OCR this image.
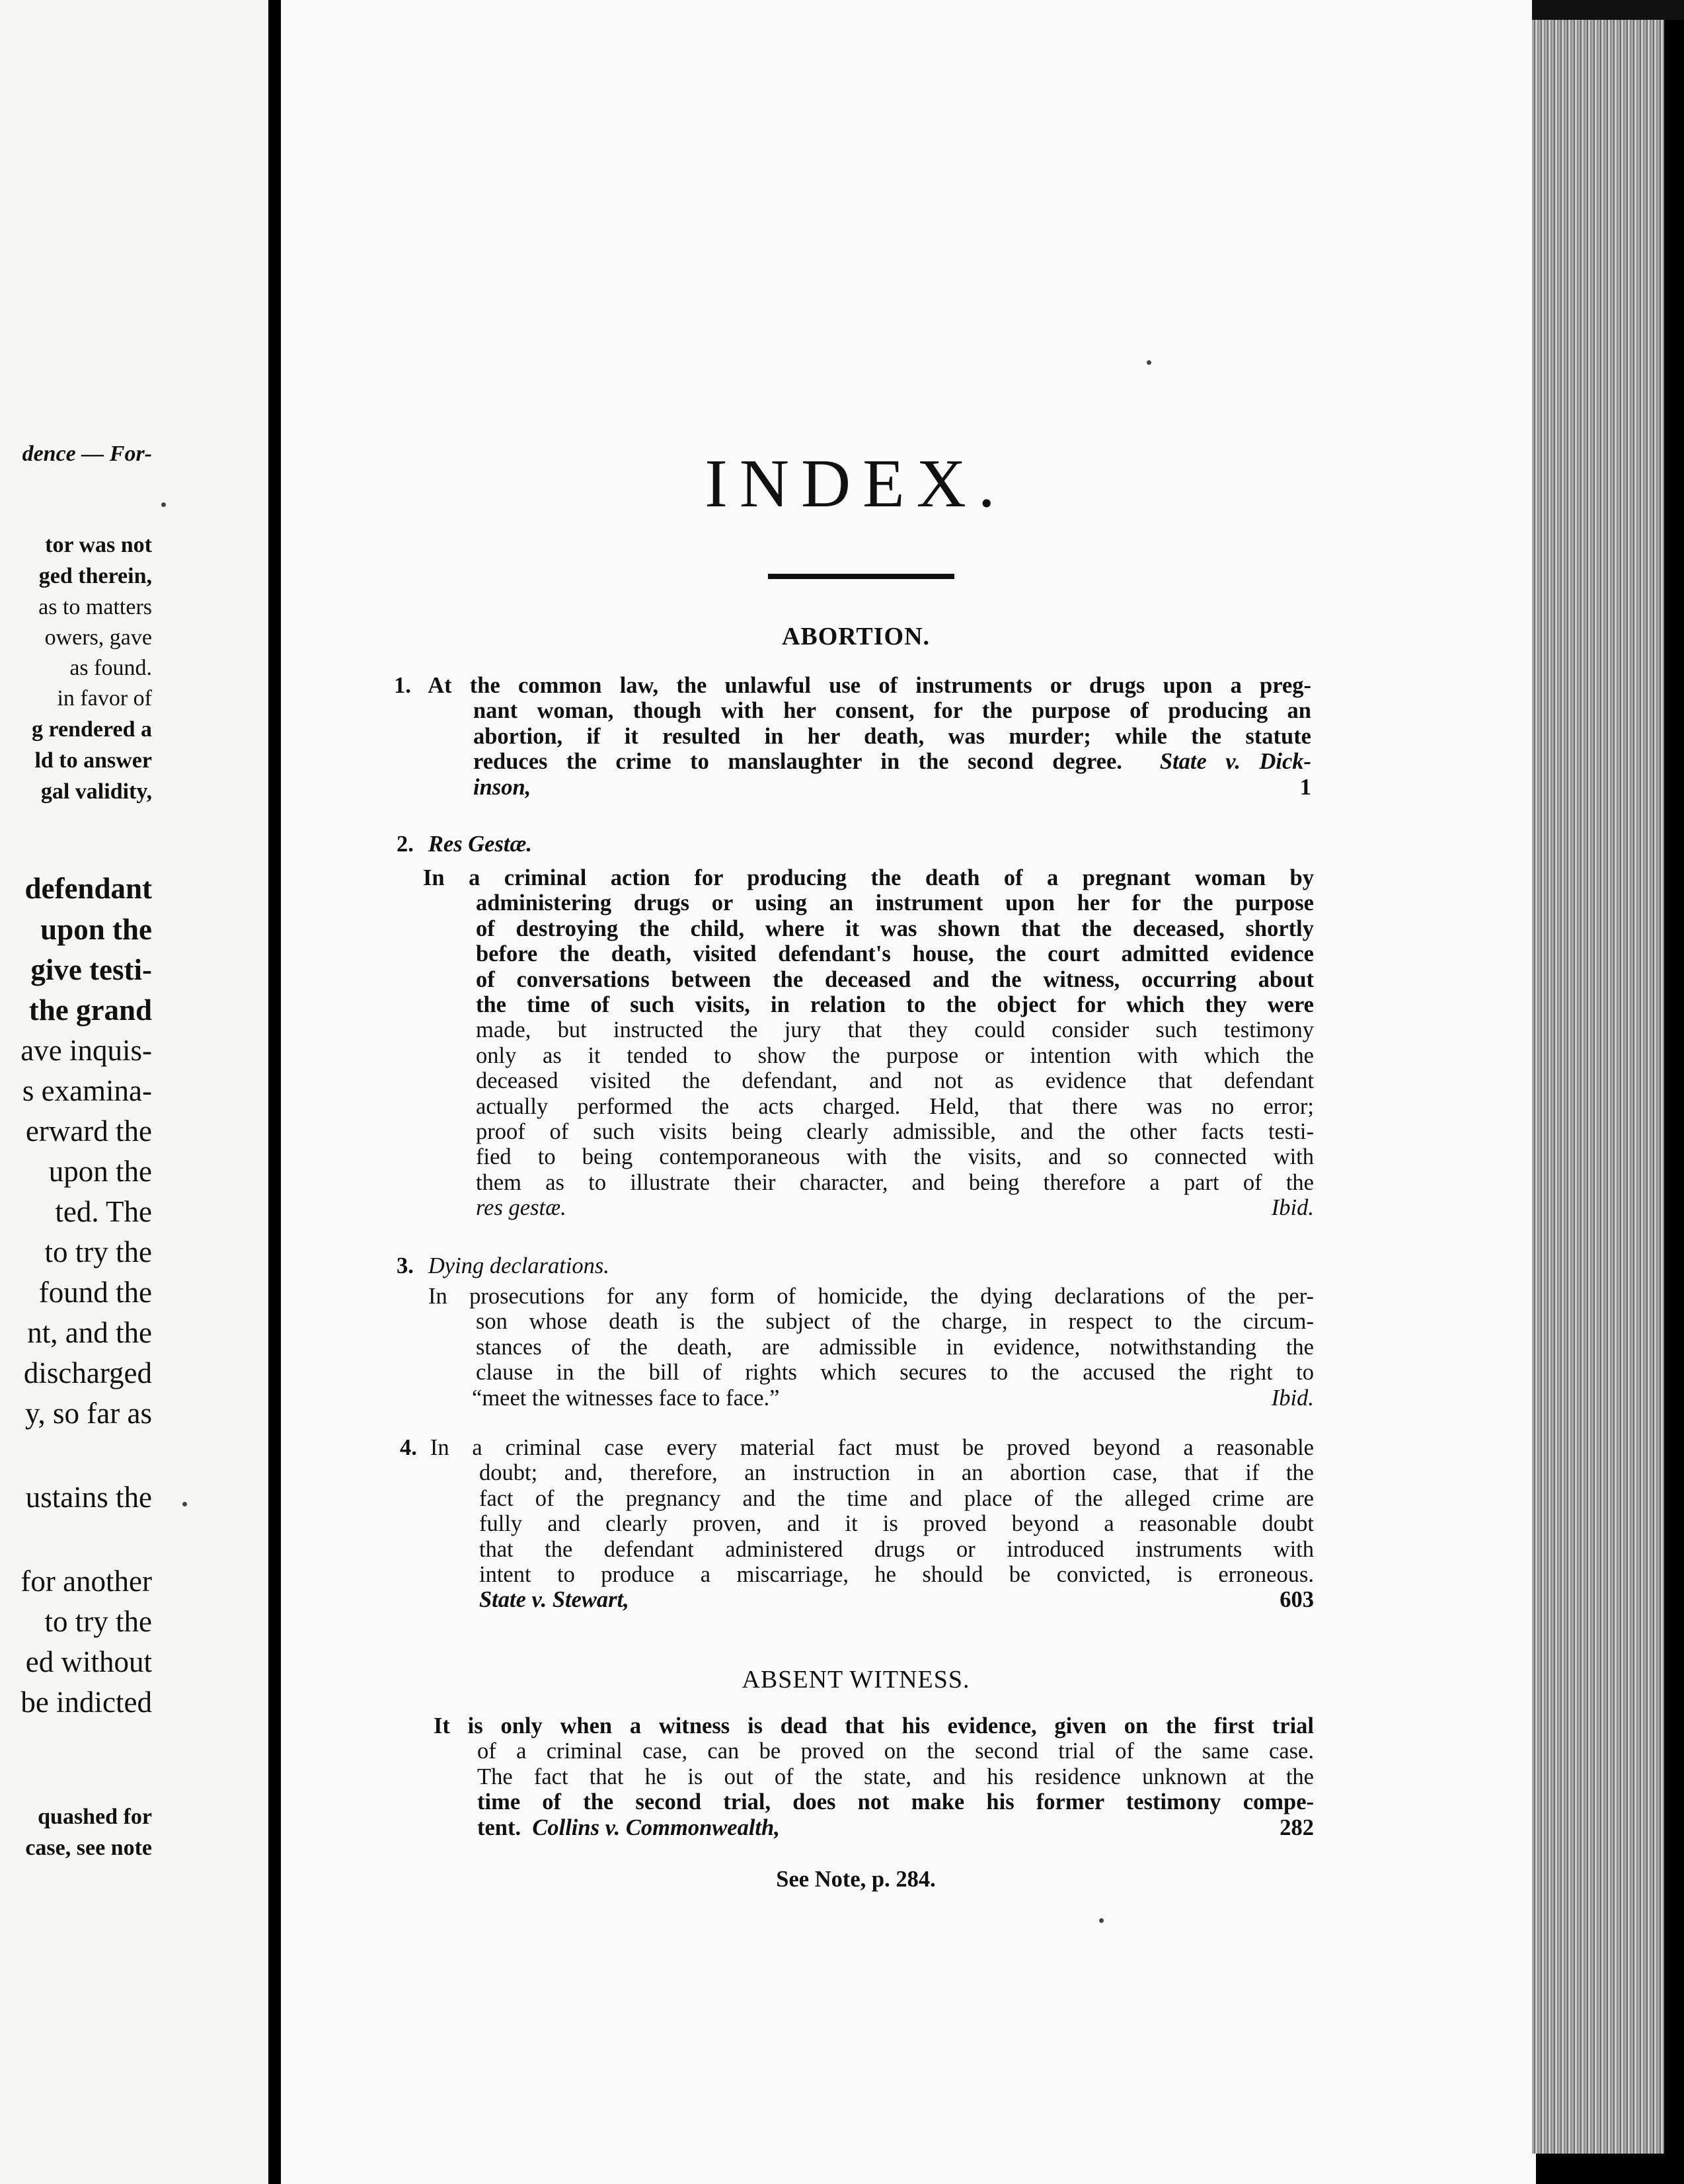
dence — For-
tor was not
ged therein,
as to matters
owers, gave
as found.
in favor of
g rendered a
ld to answer
gal validity,
defendant
upon the
give testi-
the grand
ave inquis-
s examina-
erward the
upon the
ted. The
to try the
found the
nt, and the
discharged
y, so far as
ustains the
for another
to try the
ed without
be indicted
quashed for
case, see note
INDEX.
ABORTION.
1. At the common law, the unlawful use of instruments or drugs upon a preg-
nant woman, though with her consent, for the purpose of producing an
abortion, if it resulted in her death, was murder; while the statute
reduces the crime to manslaughter in the second degree. State v. Dick-
inson,	1
2. Res Gestæ.
In a criminal action for producing the death of a pregnant woman by
administering drugs or using an instrument upon her for the purpose
of destroying the child, where it was shown that the deceased, shortly
before the death, visited defendant's house, the court admitted evidence
of conversations between the deceased and the witness, occurring about
the time of such visits, in relation to the object for which they were
made, but instructed the jury that they could consider such testimony
only as it tended to show the purpose or intention with which the
deceased visited the defendant, and not as evidence that defendant
actually performed the acts charged. Held, that there was no error;
proof of such visits being clearly admissible, and the other facts testi-
fied to being contemporaneous with the visits, and so connected with
them as to illustrate their character, and being therefore a part of the
res gestæ.	Ibid.
3. Dying declarations.
In prosecutions for any form of homicide, the dying declarations of the per-
son whose death is the subject of the charge, in respect to the circum-
stances of the death, are admissible in evidence, notwithstanding the
clause in the bill of rights which secures to the accused the right to
“meet the witnesses face to face.”	Ibid.
4. In a criminal case every material fact must be proved beyond a reasonable
doubt; and, therefore, an instruction in an abortion case, that if the
fact of the pregnancy and the time and place of the alleged crime are
fully and clearly proven, and it is proved beyond a reasonable doubt
that the defendant administered drugs or introduced instruments with
intent to produce a miscarriage, he should be convicted, is erroneous.
State v. Stewart,	603
ABSENT WITNESS.
It is only when a witness is dead that his evidence, given on the first trial
of a criminal case, can be proved on the second trial of the same case.
The fact that he is out of the state, and his residence unknown at the
time of the second trial, does not make his former testimony compe-
tent. Collins v. Commonwealth,	282
See Note, p. 284.
